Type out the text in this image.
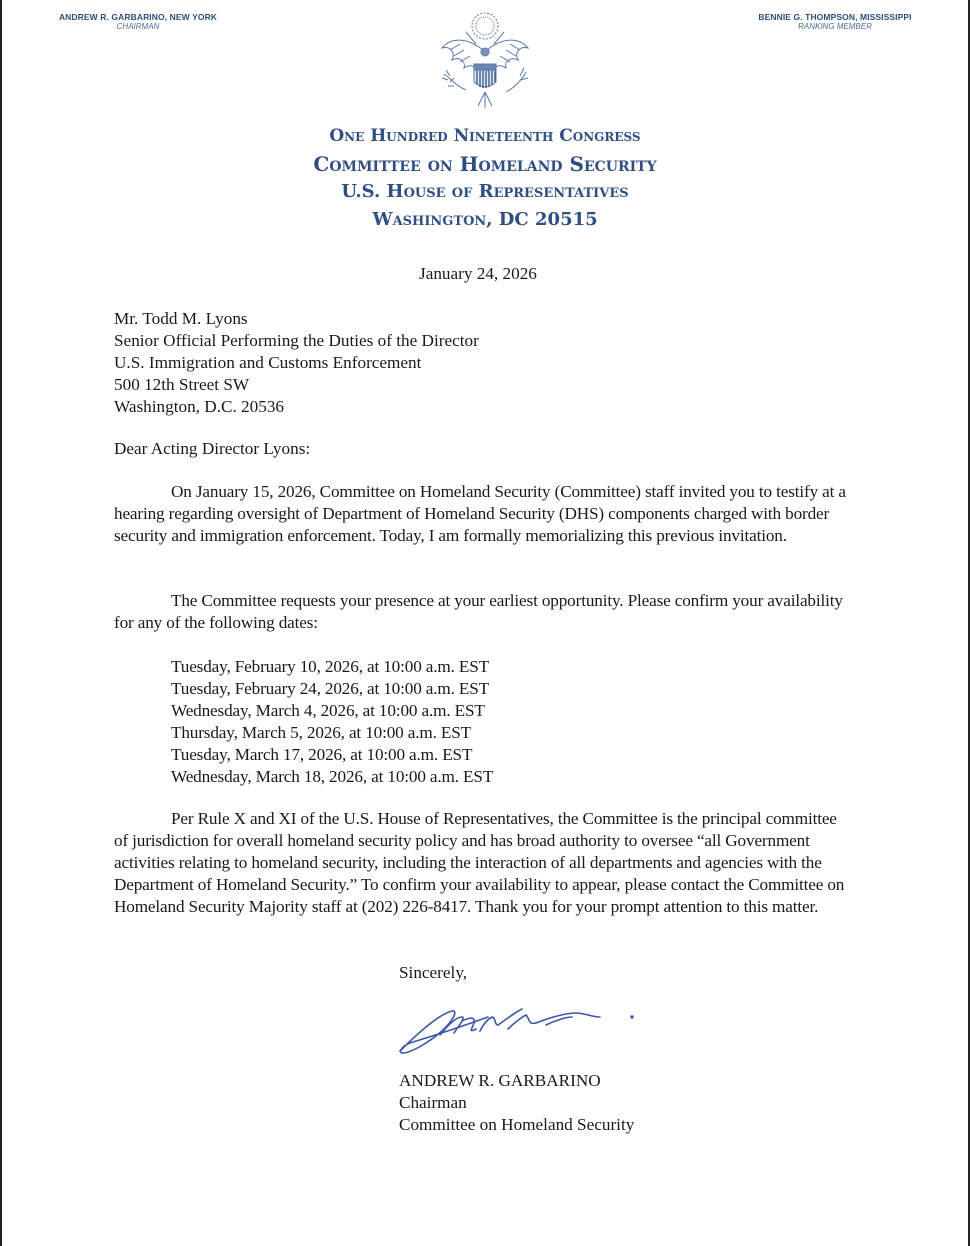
ANDREW R. GARBARINO, NEW YORK
CHAIRMAN
BENNIE G. THOMPSON, MISSISSIPPI
RANKING MEMBER
One Hundred Nineteenth Congress
Committee on Homeland Security
U.S. House of Representatives
Washington, DC 20515
January 24, 2026
Mr. Todd M. Lyons
Senior Official Performing the Duties of the Director
U.S. Immigration and Customs Enforcement
500 12th Street SW
Washington, D.C. 20536
Dear Acting Director Lyons:
On January 15, 2026, Committee on Homeland Security (Committee) staff invited you to testify at a hearing regarding oversight of Department of Homeland Security (DHS) components charged with border security and immigration enforcement. Today, I am formally memorializing this previous invitation.
The Committee requests your presence at your earliest opportunity. Please confirm your availability for any of the following dates:
Tuesday, February 10, 2026, at 10:00 a.m. EST
Tuesday, February 24, 2026, at 10:00 a.m. EST
Wednesday, March 4, 2026, at 10:00 a.m. EST
Thursday, March 5, 2026, at 10:00 a.m. EST
Tuesday, March 17, 2026, at 10:00 a.m. EST
Wednesday, March 18, 2026, at 10:00 a.m. EST
Per Rule X and XI of the U.S. House of Representatives, the Committee is the principal committee of jurisdiction for overall homeland security policy and has broad authority to oversee “all Government activities relating to homeland security, including the interaction of all departments and agencies with the Department of Homeland Security.” To confirm your availability to appear, please contact the Committee on Homeland Security Majority staff at (202) 226-8417. Thank you for your prompt attention to this matter.
Sincerely,
ANDREW R. GARBARINO
Chairman
Committee on Homeland Security
